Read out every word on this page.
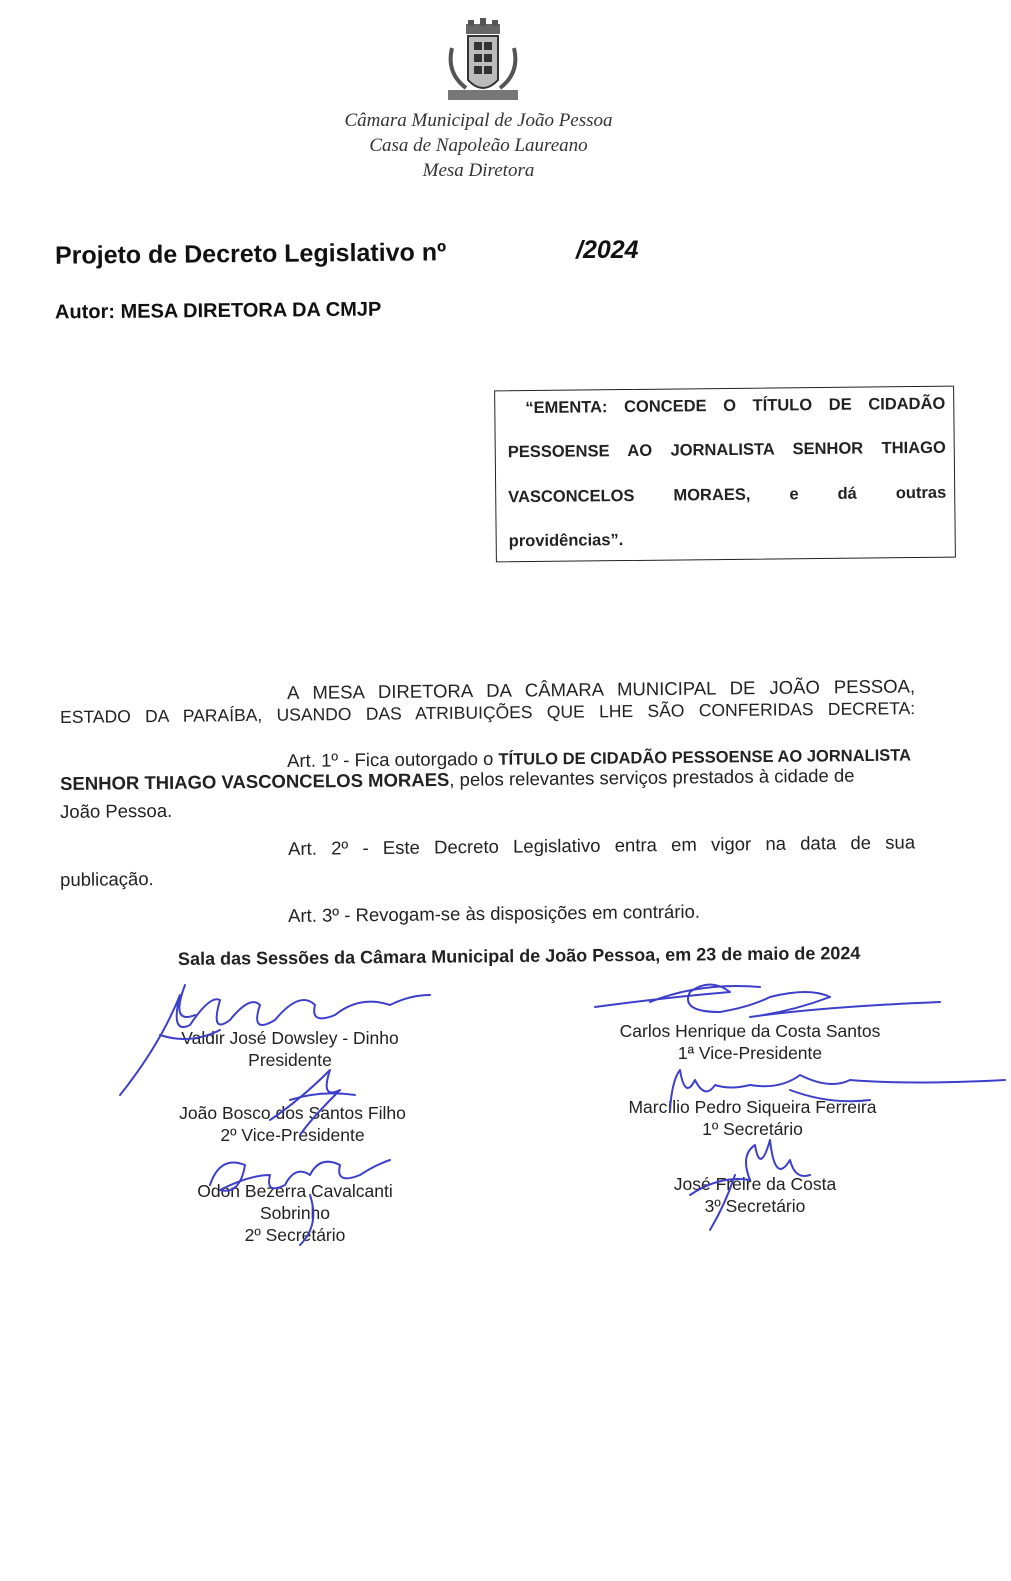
Câmara Municipal de João Pessoa
Casa de Napoleão Laureano
Mesa Diretora
Projeto de Decreto Legislativo nº	/2024
Autor: MESA DIRETORA DA CMJP
“EMENTA: CONCEDE O TÍTULO DE CIDADÃO
PESSOENSE AO JORNALISTA SENHOR THIAGO
VASCONCELOS MORAES, e dá outras
providências”.
A MESA DIRETORA DA CÂMARA MUNICIPAL DE JOÃO PESSOA,
ESTADO DA PARAÍBA, USANDO DAS ATRIBUIÇÕES QUE LHE SÃO CONFERIDAS DECRETA:
Art. 1º - Fica outorgado o TÍTULO DE CIDADÃO PESSOENSE AO JORNALISTA
SENHOR THIAGO VASCONCELOS MORAES, pelos relevantes serviços prestados à cidade de
João Pessoa.
Art. 2º - Este Decreto Legislativo entra em vigor na data de sua
publicação.
Art. 3º - Revogam-se às disposições em contrário.
Sala das Sessões da Câmara Municipal de João Pessoa, em 23 de maio de 2024
Valdir José Dowsley - Dinho
Presidente
João Bosco dos Santos Filho
2º Vice-Presidente
Odon Bezerra Cavalcanti
Sobrinho
2º Secretário
Carlos Henrique da Costa Santos
1ª Vice-Presidente
Marcílio Pedro Siqueira Ferreira
1º Secretário
José Freire da Costa
3º Secretário
